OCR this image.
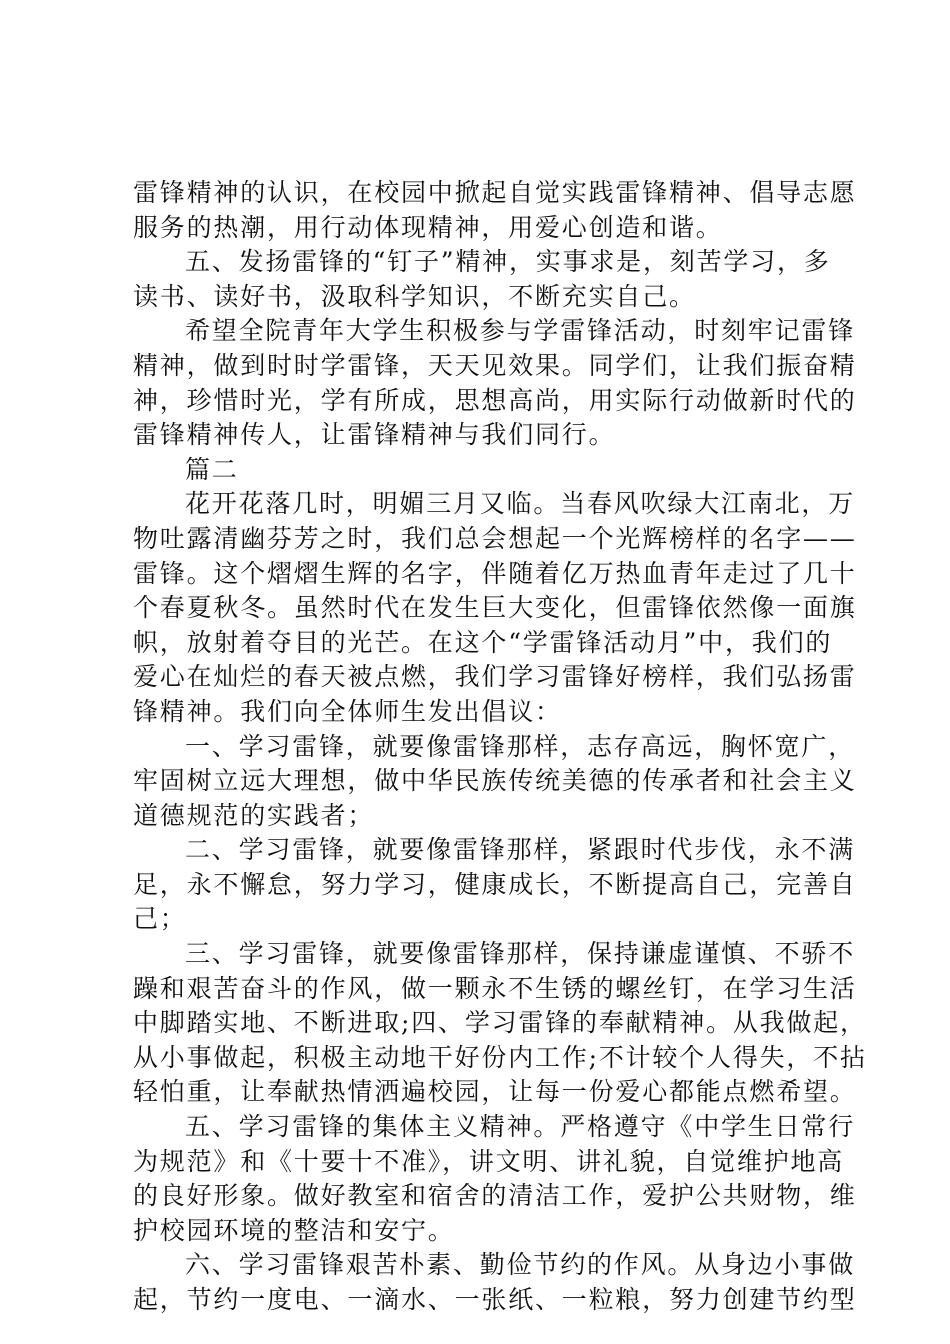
雷锋精神的认识，在校园中掀起自觉实践雷锋精神、倡导志愿
服务的热潮，用行动体现精神，用爱心创造和谐。
五、发扬雷锋的“钉子”精神，实事求是，刻苦学习，多
读书、读好书，汲取科学知识，不断充实自己。
希望全院青年大学生积极参与学雷锋活动，时刻牢记雷锋
精神，做到时时学雷锋，天天见效果。同学们，让我们振奋精
神，珍惜时光，学有所成，思想高尚，用实际行动做新时代的
雷锋精神传人，让雷锋精神与我们同行。
篇二
花开花落几时，明媚三月又临。当春风吹绿大江南北，万
物吐露清幽芬芳之时，我们总会想起一个光辉榜样的名字——
雷锋。这个熠熠生辉的名字，伴随着亿万热血青年走过了几十
个春夏秋冬。虽然时代在发生巨大变化，但雷锋依然像一面旗
帜，放射着夺目的光芒。在这个“学雷锋活动月”中，我们的
爱心在灿烂的春天被点燃，我们学习雷锋好榜样，我们弘扬雷
锋精神。我们向全体师生发出倡议：
一、学习雷锋，就要像雷锋那样，志存高远，胸怀宽广，
牢固树立远大理想，做中华民族传统美德的传承者和社会主义
道德规范的实践者；
二、学习雷锋，就要像雷锋那样，紧跟时代步伐，永不满
足，永不懈怠，努力学习，健康成长，不断提高自己，完善自
己；
三、学习雷锋，就要像雷锋那样，保持谦虚谨慎、不骄不
躁和艰苦奋斗的作风，做一颗永不生锈的螺丝钉，在学习生活
中脚踏实地、不断进取;四、学习雷锋的奉献精神。从我做起，
从小事做起，积极主动地干好份内工作;不计较个人得失，不拈
轻怕重，让奉献热情洒遍校园，让每一份爱心都能点燃希望。
五、学习雷锋的集体主义精神。严格遵守《中学生日常行
为规范》和《十要十不准》，讲文明、讲礼貌，自觉维护地高
的良好形象。做好教室和宿舍的清洁工作，爱护公共财物，维
护校园环境的整洁和安宁。
六、学习雷锋艰苦朴素、勤俭节约的作风。从身边小事做
起，节约一度电、一滴水、一张纸、一粒粮，努力创建节约型
